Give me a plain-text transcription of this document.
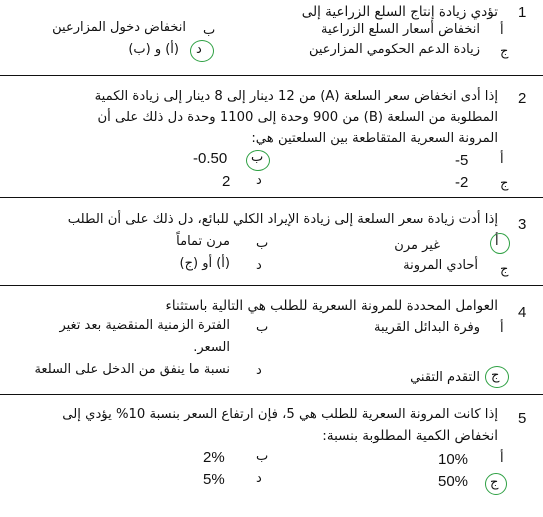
1
تؤدي زيادة إنتاج السلع الزراعية إلى
أ
انخفاض أسعار السلع الزراعية
ب
انخفاض دخول المزارعين
ج
زيادة الدعم الحكومي المزارعين
د
(أ) و (ب)
2
إذا أدى انخفاض سعر السلعة (A) من 12 دينار إلى 8 دينار إلى زيادة الكمية
المطلوبة من السلعة (B) من 900 وحدة إلى 1100 وحدة دل ذلك على أن
المرونة السعرية المتقاطعة بين السلعتين هي:
أ
-5
ب
-0.50
ج
-2
د
2
3
إذا أدت زيادة سعر السلعة إلى زيادة الإيراد الكلي للبائع، دل ذلك على أن الطلب
أ
غير مرن
ب
مرن تماماً
ج
أحادي المرونة
د
(أ) أو (ج)
4
العوامل المحددة للمرونة السعرية للطلب هي التالية باستثناء
أ
وفرة البدائل القريبة
ب
الفترة الزمنية المنقضية بعد تغير
السعر.
ج
التقدم التقني
د
نسبة ما ينفق من الدخل على السلعة
5
إذا كانت المرونة السعرية للطلب هي 5، فإن ارتفاع السعر بنسبة 10% يؤدي إلى
انخفاض الكمية المطلوبة بنسبة:
أ
10%
ب
2%
ج
50%
د
5%
